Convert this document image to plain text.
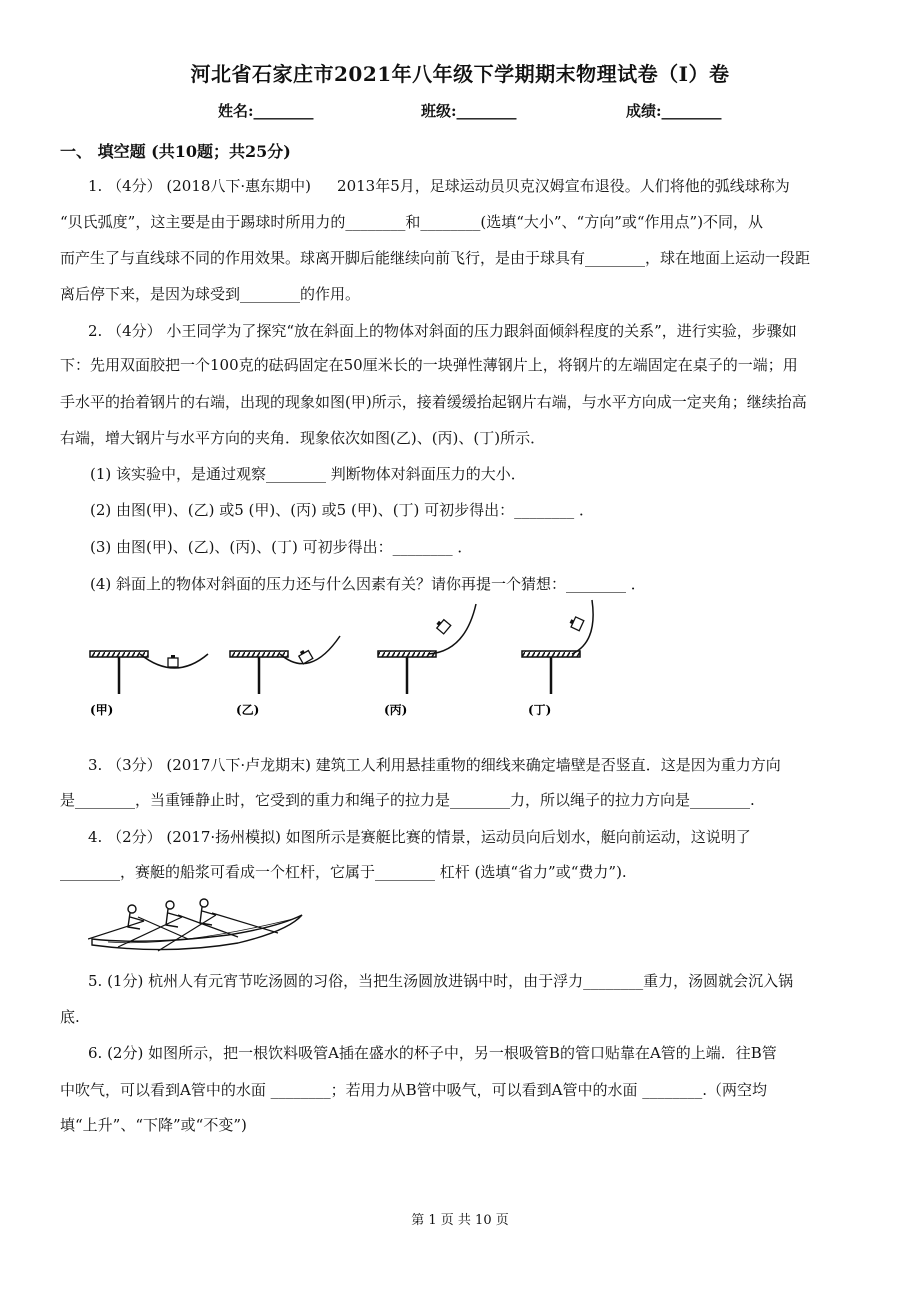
河北省石家庄市2021年八年级下学期期末物理试卷（I）卷
姓名:________	班级:________	成绩:________
一、 填空题 (共10题；共25分)
1. （4分） (2018八下·惠东期中) 2013年5月，足球运动员贝克汉姆宣布退役。人们将他的弧线球称为
“贝氏弧度”，这主要是由于踢球时所用力的________和________(选填“大小”、“方向”或“作用点”)不同，从
而产生了与直线球不同的作用效果。球离开脚后能继续向前飞行，是由于球具有________，球在地面上运动一段距
离后停下来，是因为球受到________的作用。
2. （4分） 小王同学为了探究“放在斜面上的物体对斜面的压力跟斜面倾斜程度的关系”，进行实验，步骤如
下：先用双面胶把一个100克的砝码固定在50厘米长的一块弹性薄钢片上，将钢片的左端固定在桌子的一端；用
手水平的抬着钢片的右端，出现的现象如图(甲)所示，接着缓缓抬起钢片右端，与水平方向成一定夹角；继续抬高
右端，增大钢片与水平方向的夹角．现象依次如图(乙)、(丙)、(丁)所示．
(1) 该实验中，是通过观察________ 判断物体对斜面压力的大小．
(2) 由图(甲)、(乙) 或5 (甲)、(丙) 或5 (甲)、(丁) 可初步得出：________ ．
(3) 由图(甲)、(乙)、(丙)、(丁) 可初步得出：________ ．
(4) 斜面上的物体对斜面的压力还与什么因素有关？请你再提一个猜想：________ ．
(甲)	(乙)	(丙)	(丁)
3. （3分） (2017八下·卢龙期末) 建筑工人利用悬挂重物的细线来确定墙壁是否竖直．这是因为重力方向
是________，当重锤静止时，它受到的重力和绳子的拉力是________力，所以绳子的拉力方向是________.
4. （2分） (2017·扬州模拟) 如图所示是赛艇比赛的情景，运动员向后划水，艇向前运动，这说明了
________，赛艇的船浆可看成一个杠杆，它属于________ 杠杆 (选填“省力”或“费力”).
5. (1分) 杭州人有元宵节吃汤圆的习俗，当把生汤圆放进锅中时，由于浮力________重力，汤圆就会沉入锅
底.
6. (2分) 如图所示，把一根饮料吸管A插在盛水的杯子中，另一根吸管B的管口贴靠在A管的上端．往B管
中吹气，可以看到A管中的水面 ________；若用力从B管中吸气，可以看到A管中的水面 ________.（两空均
填“上升”、“下降”或“不变”)
第 1 页 共 10 页
